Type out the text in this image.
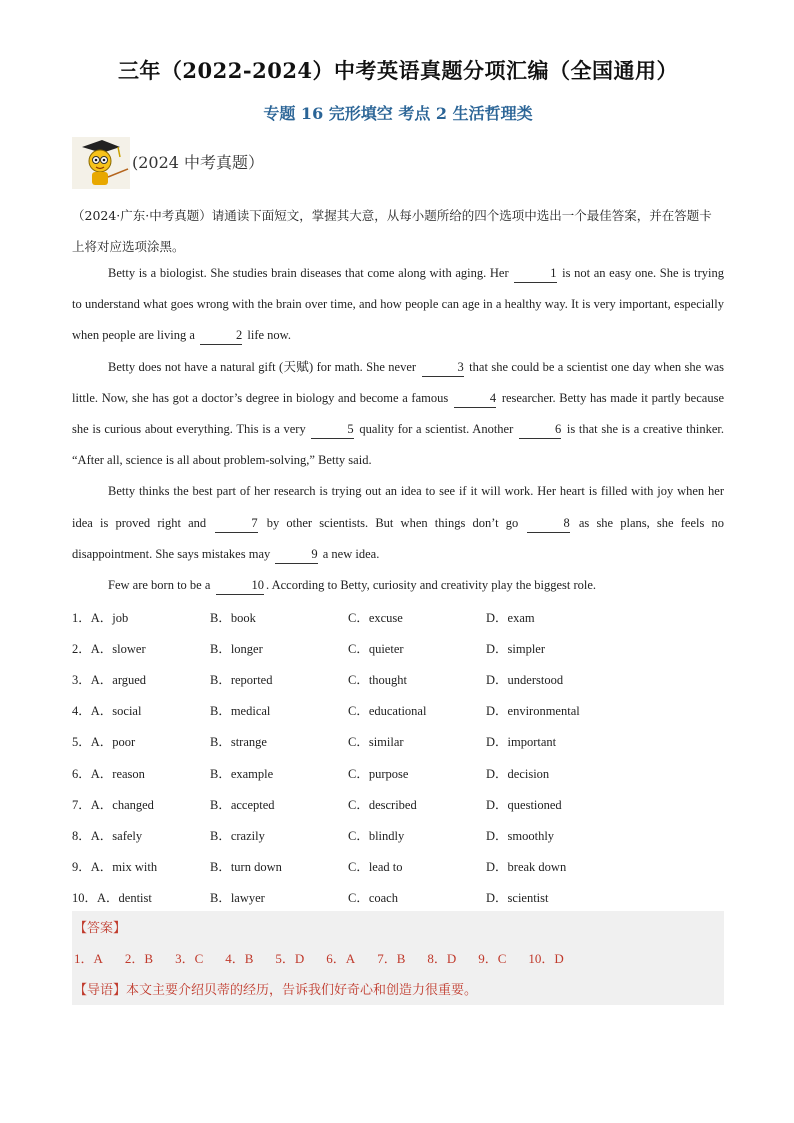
三年（2022-2024）中考英语真题分项汇编（全国通用）
专题 16 完形填空 考点 2 生活哲理类
(2024 中考真题）
（2024·广东·中考真题）请通读下面短文，掌握其大意，从每小题所给的四个选项中选出一个最佳答案，并在答题卡上将对应选项涂黑。

Betty is a biologist. She studies brain diseases that come along with aging. Her	1 is not an easy one. She is trying to understand what goes wrong with the brain over time, and how people can age in a healthy way. It is very important, especially when people are living a	2 life now.

Betty does not have a natural gift (天赋) for math. She never	3 that she could be a scientist one day when she was little. Now, she has got a doctor’s degree in biology and become a famous	4 researcher. Betty has made it partly because she is curious about everything. This is a very	5 quality for a scientist. Another	6 is that she is a creative thinker. “After all, science is all about problem-solving,” Betty said.

Betty thinks the best part of her research is trying out an idea to see if it will work. Her heart is filled with joy when her idea is proved right and	7 by other scientists. But when things don’t go	8 as she plans, she feels no disappointment. She says mistakes may	9 a new idea.

Few are born to be a	10 . According to Betty, curiosity and creativity play the biggest role.

1．A．job	B．book	C．excuse	D．exam
2．A．slower	B．longer	C．quieter	D．simpler
3．A．argued	B．reported	C．thought	D．understood
4．A．social	B．medical	C．educational	D．environmental
5．A．poor	B．strange	C．similar	D．important
6．A．reason	B．example	C．purpose	D．decision
7．A．changed	B．accepted	C．described	D．questioned
8．A．safely	B．crazily	C．blindly	D．smoothly
9．A．mix with	B．turn down	C．lead to	D．break down
10．A．dentist	B．lawyer	C．coach	D．scientist
【答案】
1．A 2．B 3．C 4．B 5．D 6．A 7．B 8．D 9．C 10．D
【导语】 本文主要介绍贝蒂的经历，告诉我们好奇心和创造力很重要。
